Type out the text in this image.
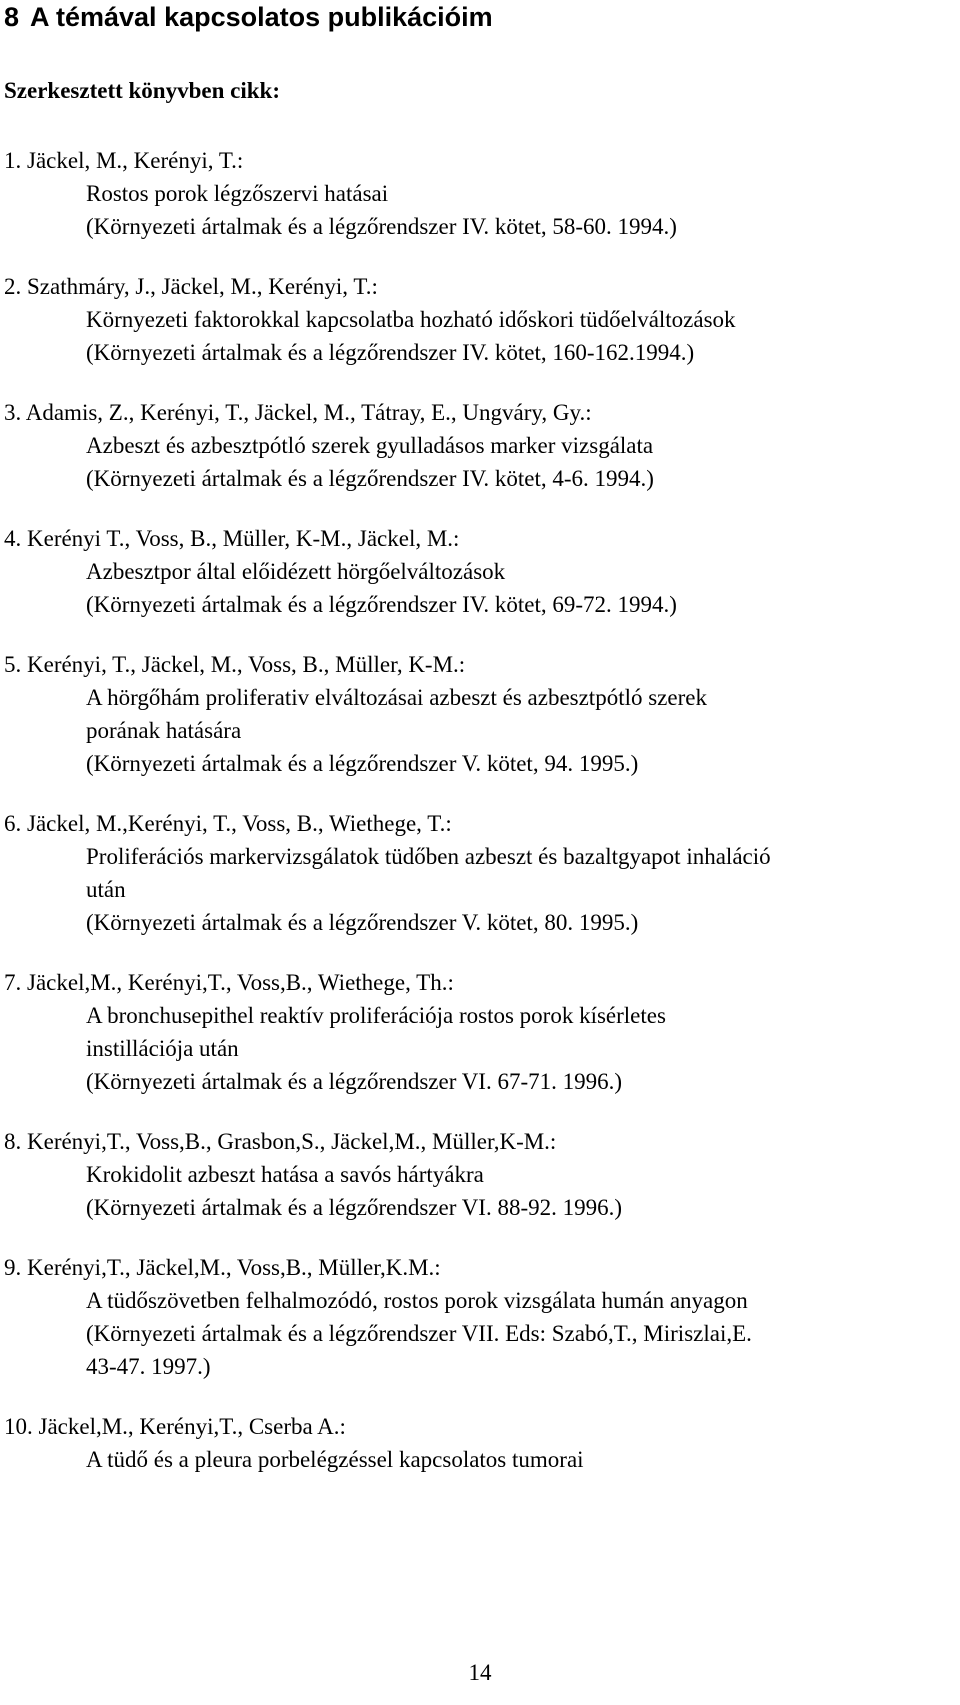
8 A témával kapcsolatos publikációim
Szerkesztett könyvben cikk:
1. Jäckel, M., Kerényi, T.:
Rostos porok légzőszervi hatásai
(Környezeti ártalmak és a légzőrendszer IV. kötet, 58-60. 1994.)
2. Szathmáry, J., Jäckel, M., Kerényi, T.:
Környezeti faktorokkal kapcsolatba hozható időskori tüdőelváltozások
(Környezeti ártalmak és a légzőrendszer IV. kötet, 160-162.1994.)
3. Adamis, Z., Kerényi, T., Jäckel, M., Tátray, E., Ungváry, Gy.:
Azbeszt és azbesztpótló szerek gyulladásos marker vizsgálata
(Környezeti ártalmak és a légzőrendszer IV. kötet, 4-6. 1994.)
4. Kerényi T., Voss, B., Müller, K-M., Jäckel, M.:
Azbesztpor által előidézett hörgőelváltozások
(Környezeti ártalmak és a légzőrendszer IV. kötet, 69-72. 1994.)
5. Kerényi, T., Jäckel, M., Voss, B., Müller, K-M.:
A hörgőhám proliferativ elváltozásai azbeszt és azbesztpótló szerek
porának hatására
(Környezeti ártalmak és a légzőrendszer V. kötet, 94. 1995.)
6. Jäckel, M.,Kerényi, T., Voss, B., Wiethege, T.:
Proliferációs markervizsgálatok tüdőben azbeszt és bazaltgyapot inhaláció
után
(Környezeti ártalmak és a légzőrendszer V. kötet, 80. 1995.)
7. Jäckel,M., Kerényi,T., Voss,B., Wiethege, Th.:
A bronchusepithel reaktív proliferációja rostos porok kísérletes
instillációja után
(Környezeti ártalmak és a légzőrendszer VI. 67-71. 1996.)
8. Kerényi,T., Voss,B., Grasbon,S., Jäckel,M., Müller,K-M.:
Krokidolit azbeszt hatása a savós hártyákra
(Környezeti ártalmak és a légzőrendszer VI. 88-92. 1996.)
9. Kerényi,T., Jäckel,M., Voss,B., Müller,K.M.:
A tüdőszövetben felhalmozódó, rostos porok vizsgálata humán anyagon
(Környezeti ártalmak és a légzőrendszer VII. Eds: Szabó,T., Miriszlai,E.
43-47. 1997.)
10. Jäckel,M., Kerényi,T., Cserba A.:
A tüdő és a pleura porbelégzéssel kapcsolatos tumorai
14
